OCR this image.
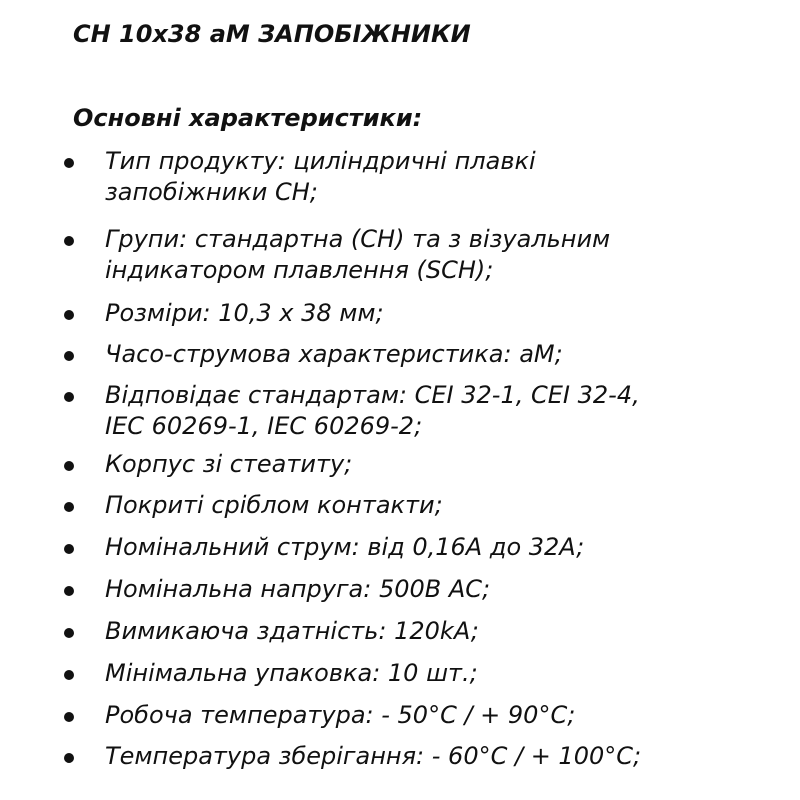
CH 10x38 aM ЗАПОБІЖНИКИ
Основні характеристики:
Тип продукту: циліндричні плавкі
запобіжники CH;
Групи: стандартна (CH) та з візуальним
індикатором плавлення (SCH);
Розміри: 10,3 x 38 мм;
Часо-струмова характеристика: aM;
Відповідає стандартам: CEI 32-1, CEI 32-4,
IEC 60269-1, IEC 60269-2;
Корпус зі стеатиту;
Покриті сріблом контакти;
Номінальний струм: від 0,16A до 32A;
Номінальна напруга: 500В AC;
Вимикаюча здатність: 120kA;
Мінімальна упаковка: 10 шт.;
Робоча температура: - 50°C / + 90°C;
Температура зберігання: - 60°C / + 100°C;
